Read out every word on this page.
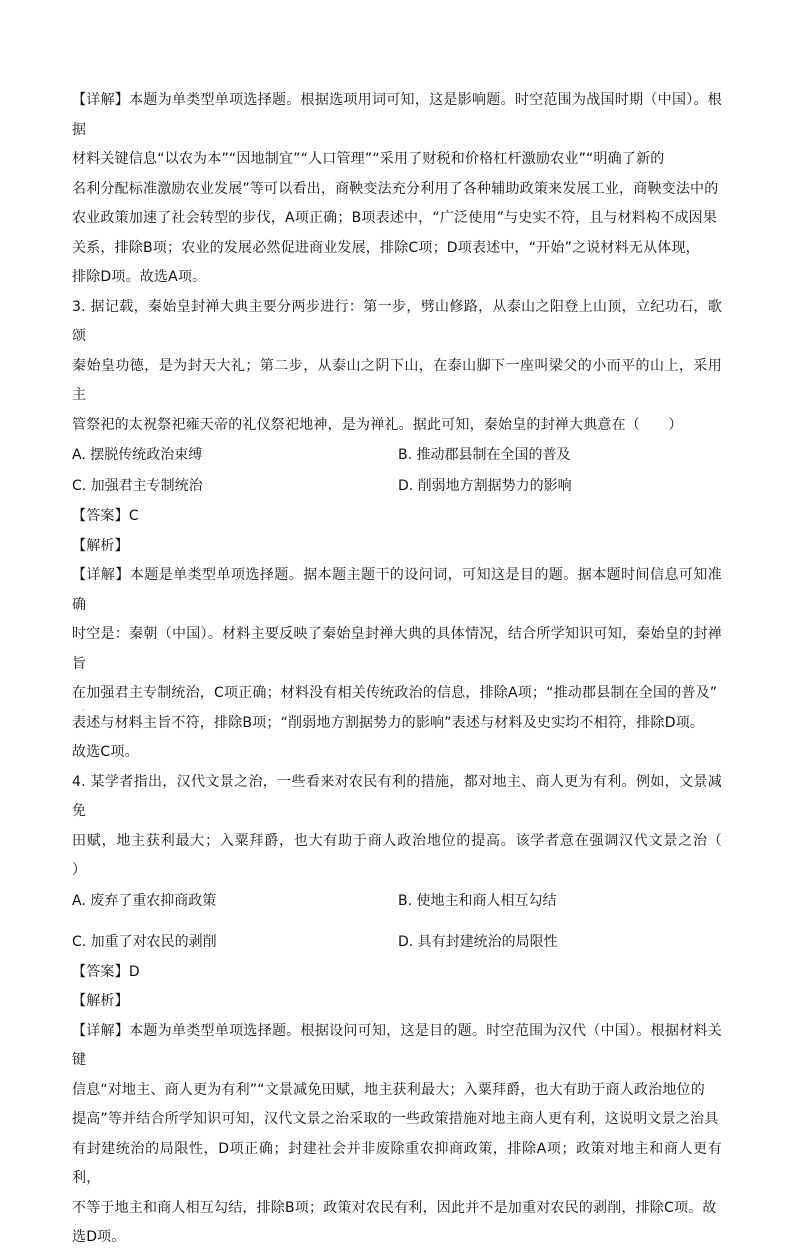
【详解】本题为单类型单项选择题。根据选项用词可知，这是影响题。时空范围为战国时期（中国）。根据

材料关键信息“以农为本”“因地制宜”“人口管理”“采用了财税和价格杠杆激励农业”“明确了新的

名利分配标准激励农业发展”等可以看出，商鞅变法充分利用了各种辅助政策来发展工业，商鞅变法中的

农业政策加速了社会转型的步伐，A项正确；B项表述中，“广泛使用”与史实不符，且与材料构不成因果

关系，排除B项；农业的发展必然促进商业发展，排除C项；D项表述中，“开始”之说材料无从体现，

排除D项。故选A项。

3. 据记载，秦始皇封禅大典主要分两步进行：第一步，劈山修路，从泰山之阳登上山顶，立纪功石，歌颂

秦始皇功德，是为封天大礼；第二步，从泰山之阴下山，在泰山脚下一座叫梁父的小而平的山上，采用主

管祭祀的太祝祭祀雍天帝的礼仪祭祀地神，是为禅礼。据此可知，秦始皇的封禅大典意在（　　）

A. 摆脱传统政治束缚	B. 推动郡县制在全国的普及
C. 加强君主专制统治	D. 削弱地方割据势力的影响

【答案】C

【解析】

【详解】本题是单类型单项选择题。据本题主题干的设问词，可知这是目的题。据本题时间信息可知准确

时空是：秦朝（中国）。材料主要反映了秦始皇封禅大典的具体情况，结合所学知识可知，秦始皇的封禅旨

在加强君主专制统治，C项正确；材料没有相关传统政治的信息，排除A项；“推动郡县制在全国的普及”

表述与材料主旨不符，排除B项；“削弱地方割据势力的影响”表述与材料及史实均不相符，排除D项。

故选C项。

4. 某学者指出，汉代文景之治，一些看来对农民有利的措施，都对地主、商人更为有利。例如，文景减免

田赋，地主获利最大；入粟拜爵，也大有助于商人政治地位的提高。该学者意在强调汉代文景之治（　　）

A. 废弃了重农抑商政策	B. 使地主和商人相互勾结
C. 加重了对农民的剥削	D. 具有封建统治的局限性

【答案】D

【解析】

【详解】本题为单类型单项选择题。根据设问可知，这是目的题。时空范围为汉代（中国）。根据材料关键

信息“对地主、商人更为有利”“文景减免田赋，地主获利最大；入粟拜爵，也大有助于商人政治地位的

提高”等并结合所学知识可知，汉代文景之治采取的一些政策措施对地主商人更有利，这说明文景之治具

有封建统治的局限性，D项正确；封建社会并非废除重农抑商政策，排除A项；政策对地主和商人更有利，

不等于地主和商人相互勾结，排除B项；政策对农民有利，因此并不是加重对农民的剥削，排除C项。故

选D项。

·
